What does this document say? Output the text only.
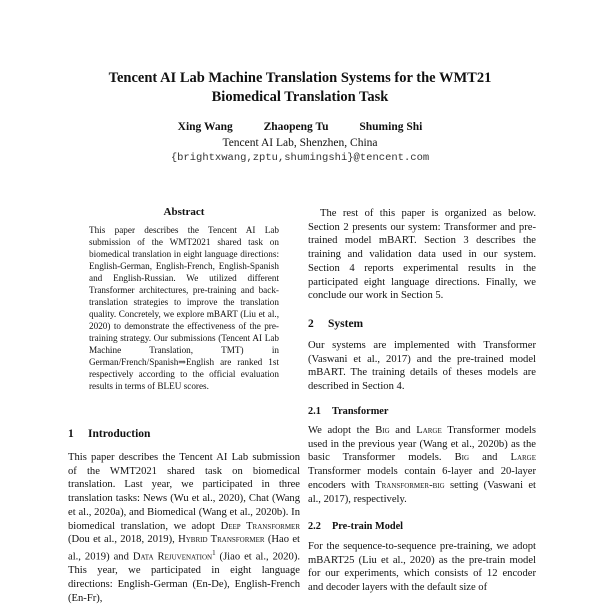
Tencent AI Lab Machine Translation Systems for the WMT21
Biomedical Translation Task
Xing Wang	Zhaopeng Tu	Shuming Shi
Tencent AI Lab, Shenzhen, China
{brightxwang,zptu,shumingshi}@tencent.com
Abstract
This paper describes the Tencent AI Lab submission of the WMT2021 shared task on biomedical translation in eight language directions: English-German, English-French, English-Spanish and English-Russian. We utilized different Transformer architectures, pre-training and back-translation strategies to improve the translation quality. Concretely, we explore mBART (Liu et al., 2020) to demonstrate the effectiveness of the pre-training strategy. Our submissions (Tencent AI Lab Machine Translation, TMT) in German/French/Spanish⇒English are ranked 1st respectively according to the official evaluation results in terms of BLEU scores.
1 Introduction
This paper describes the Tencent AI Lab submission of the WMT2021 shared task on biomedical translation. Last year, we participated in three translation tasks: News (Wu et al., 2020), Chat (Wang et al., 2020a), and Biomedical (Wang et al., 2020b). In biomedical translation, we adopt Deep Transformer (Dou et al., 2018, 2019), Hybrid Transformer (Hao et al., 2019) and Data Rejuvenation$^1$ (Jiao et al., 2020). This year, we participated in eight language directions: English-German (En-De), English-French (En-Fr),
The rest of this paper is organized as below. Section 2 presents our system: Transformer and pre-trained model mBART. Section 3 describes the training and validation data used in our system. Section 4 reports experimental results in the participated eight language directions. Finally, we conclude our work in Section 5.
2 System
Our systems are implemented with Transformer (Vaswani et al., 2017) and the pre-trained model mBART. The training details of theses models are described in Section 4.
2.1 Transformer
We adopt the Big and Large Transformer models used in the previous year (Wang et al., 2020b) as the basic Transformer models. Big and Large Transformer models contain 6-layer and 20-layer encoders with Transformer-big setting (Vaswani et al., 2017), respectively.
2.2 Pre-train Model
For the sequence-to-sequence pre-training, we adopt mBART25 (Liu et al., 2020) as the pre-train model for our experiments, which consists of 12 encoder and decoder layers with the default size of
